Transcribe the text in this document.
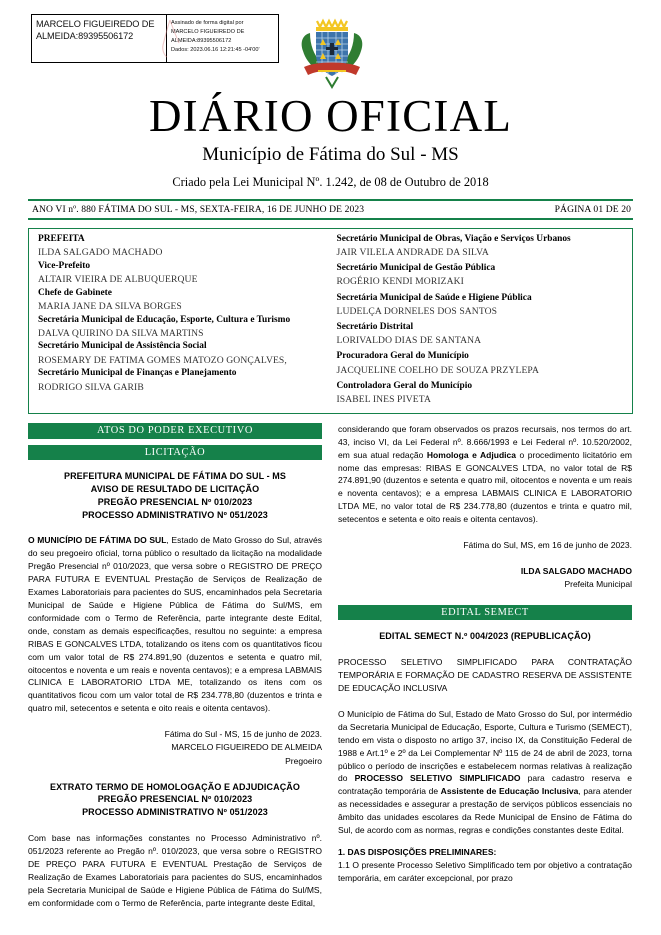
MARCELO FIGUEIREDO DE ALMEIDA:89395506172
Assinado de forma digital por
MARCELO FIGUEIREDO DE ALMEIDA:89395506172
Dados: 2023.06.16 12:21:45 -04'00'
DIÁRIO OFICIAL
Município de Fátima do Sul - MS
Criado pela Lei Municipal Nº. 1.242, de 08 de Outubro de 2018
ANO VI nº. 880 FÁTIMA DO SUL - MS, SEXTA-FEIRA, 16 DE JUNHO DE 2023	PÁGINA 01 DE 20
PREFEITA
ILDA SALGADO MACHADO
Vice-Prefeito
ALTAIR VIEIRA DE ALBUQUERQUE
Chefe de Gabinete
MARIA JANE DA SILVA BORGES
Secretária Municipal de Educação, Esporte, Cultura e Turismo
DALVA QUIRINO DA SILVA MARTINS
Secretário Municipal de Assistência Social
ROSEMARY DE FATIMA GOMES MATOZO GONÇALVES,
Secretário Municipal de Finanças e Planejamento
RODRIGO SILVA GARIB
Secretário Municipal de Obras, Viação e Serviços Urbanos
JAIR VILELA ANDRADE DA SILVA
Secretário Municipal de Gestão Pública
ROGÉRIO KENDI MORIZAKI
Secretária Municipal de Saúde e Higiene Pública
LUDELÇA DORNELES DOS SANTOS
Secretário Distrital
LORIVALDO DIAS DE SANTANA
Procuradora Geral do Município
JACQUELINE COELHO DE SOUZA PRZYLEPA
Controladora Geral do Município
ISABEL INES PIVETA
ATOS DO PODER EXECUTIVO
LICITAÇÃO
PREFEITURA MUNICIPAL DE FÁTIMA DO SUL - MS
AVISO DE RESULTADO DE LICITAÇÃO
PREGÃO PRESENCIAL Nº 010/2023
PROCESSO ADMINISTRATIVO Nº 051/2023

O MUNICÍPIO DE FÁTIMA DO SUL, Estado de Mato Grosso do Sul, através do seu pregoeiro oficial, torna público o resultado da licitação na modalidade Pregão Presencial nº 010/2023, que versa sobre o REGISTRO DE PREÇO PARA FUTURA E EVENTUAL Prestação de Serviços de Realização de Exames Laboratoriais para pacientes do SUS, encaminhados pela Secretaria Municipal de Saúde e Higiene Pública de Fátima do Sul/MS, em conformidade com o Termo de Referência, parte integrante deste Edital, onde, constam as demais especificações, resultou no seguinte: a empresa RIBAS E GONCALVES LTDA, totalizando os itens com os quantitativos ficou com um valor total de R$ 274.891,90 (duzentos e setenta e quatro mil, oitocentos e noventa e um reais e noventa centavos); e a empresa LABMAIS CLINICA E LABORATORIO LTDA ME, totalizando os itens com os quantitativos ficou com um valor total de R$ 234.778,80 (duzentos e trinta e quatro mil, setecentos e setenta e oito reais e oitenta centavos).

Fátima do Sul - MS, 15 de junho de 2023.
MARCELO FIGUEIREDO DE ALMEIDA
Pregoeiro
EXTRATO TERMO DE HOMOLOGAÇÃO E ADJUDICAÇÃO
PREGÃO PRESENCIAL Nº 010/2023
PROCESSO ADMINISTRATIVO Nº 051/2023

Com base nas informações constantes no Processo Administrativo nº. 051/2023 referente ao Pregão nº. 010/2023, que versa sobre o REGISTRO DE PREÇO PARA FUTURA E EVENTUAL Prestação de Serviços de Realização de Exames Laboratoriais para pacientes do SUS, encaminhados pela Secretaria Municipal de Saúde e Higiene Pública de Fátima do Sul/MS, em conformidade com o Termo de Referência, parte integrante deste Edital,

considerando que foram observados os prazos recursais, nos termos do art. 43, inciso VI, da Lei Federal nº. 8.666/1993 e Lei Federal nº. 10.520/2002, em sua atual redação Homologa e Adjudica o procedimento licitatório em nome das empresas: RIBAS E GONCALVES LTDA, no valor total de R$ 274.891,90 (duzentos e setenta e quatro mil, oitocentos e noventa e um reais e noventa centavos); e a empresa LABMAIS CLINICA E LABORATORIO LTDA ME, no valor total de R$ 234.778,80 (duzentos e trinta e quatro mil, setecentos e setenta e oito reais e oitenta centavos).

Fátima do Sul, MS, em 16 de junho de 2023.
ILDA SALGADO MACHADO
Prefeita Municipal
EDITAL SEMECT
EDITAL SEMECT N.º 004/2023 (REPUBLICAÇÃO)

PROCESSO SELETIVO SIMPLIFICADO PARA CONTRATAÇÃO TEMPORÁRIA E FORMAÇÃO DE CADASTRO RESERVA DE ASSISTENTE DE EDUCAÇÃO INCLUSIVA

O Município de Fátima do Sul, Estado de Mato Grosso do Sul, por intermédio da Secretaria Municipal de Educação, Esporte, Cultura e Turismo (SEMECT), tendo em vista o disposto no artigo 37, inciso IX, da Constituição Federal de 1988 e Art.1º e 2º da Lei Complementar Nº 115 de 24 de abril de 2023, torna público o período de inscrições e estabelecem normas relativas à realização do PROCESSO SELETIVO SIMPLIFICADO para cadastro reserva e contratação temporária de Assistente de Educação Inclusiva, para atender as necessidades e assegurar a prestação de serviços públicos essenciais no âmbito das unidades escolares da Rede Municipal de Ensino de Fátima do Sul, de acordo com as normas, regras e condições constantes deste Edital.

1. DAS DISPOSIÇÕES PRELIMINARES:

1.1 O presente Processo Seletivo Simplificado tem por objetivo a contratação temporária, em caráter excepcional, por prazo
